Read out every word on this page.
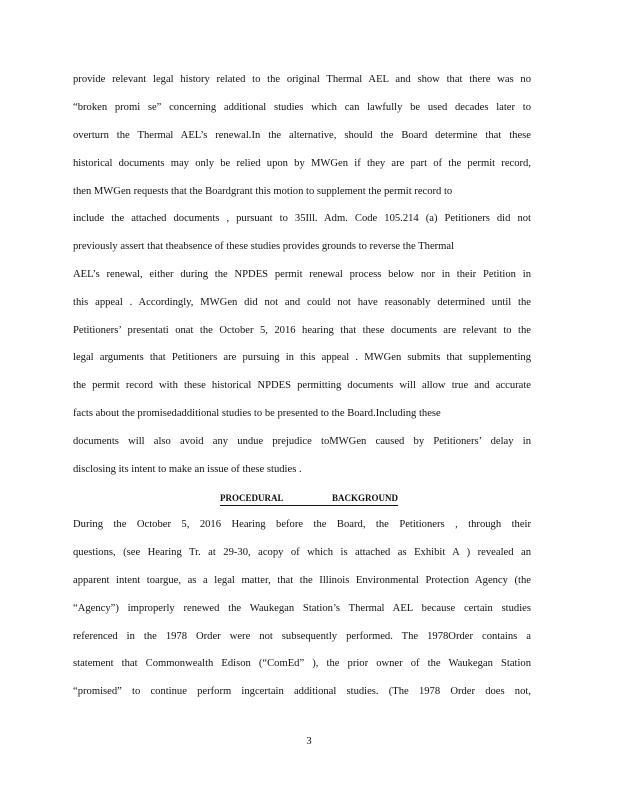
provide relevant legal history related to the original Thermal AEL and show that there was no
“broken promi se” concerning additional studies which can lawfully be used decades later to
overturn the Thermal AEL’s renewal.In the alternative, should the Board determine that these
historical documents may only be relied upon by MWGen if they are part of the permit record,
then MWGen requests that the Boardgrant this motion to supplement the permit record to
include the attached documents , pursuant to 35Ill. Adm. Code 105.214 (a) Petitioners did not
previously assert that theabsence of these studies provides grounds to reverse the Thermal
AEL’s renewal, either during the NPDES permit renewal process below nor in their Petition in
this appeal . Accordingly, MWGen did not and could not have reasonably determined until the
Petitioners’ presentati onat the October 5, 2016 hearing that these documents are relevant to the
legal arguments that Petitioners are pursuing in this appeal . MWGen submits that supplementing
the permit record with these historical NPDES permitting documents will allow true and accurate
facts about the promisedadditional studies to be presented to the Board.Including these
documents will also avoid any undue prejudice toMWGen caused by Petitioners’ delay in
disclosing its intent to make an issue of these studies .
PROCEDURAL	BACKGROUND
During the October 5, 2016 Hearing before the Board, the Petitioners , through their
questions, (see Hearing Tr. at 29-30, acopy of which is attached as Exhibit A ) revealed an
apparent intent toargue, as a legal matter, that the Illinois Environmental Protection Agency (the
“Agency”) improperly renewed the Waukegan Station’s Thermal AEL because certain studies
referenced in the 1978 Order were not subsequently performed. The 1978Order contains a
statement that Commonwealth Edison (“ComEd” ), the prior owner of the Waukegan Station
“promised” to continue perform ingcertain additional studies. (The 1978 Order does not,
3
